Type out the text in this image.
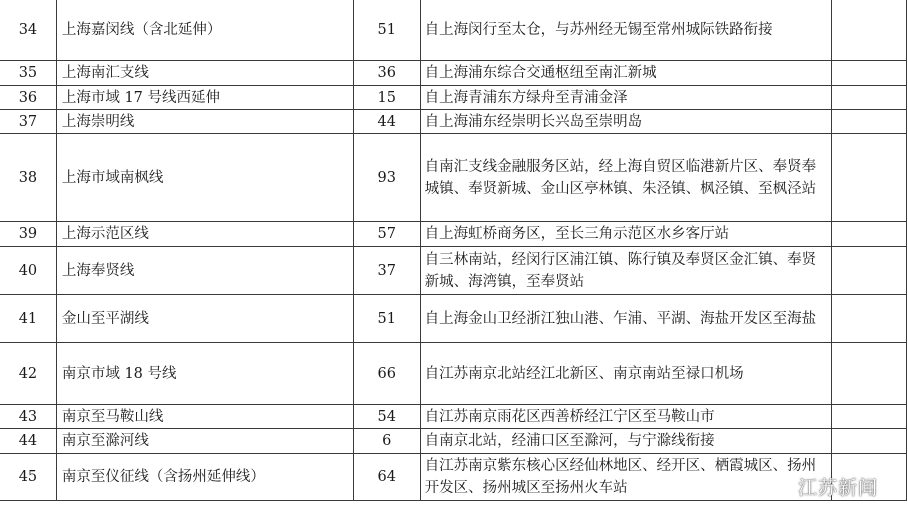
34	上海嘉闵线（含北延伸）	51	自上海闵行至太仓，与苏州经无锡至常州城际铁路衔接	
35	上海南汇支线	36	自上海浦东综合交通枢纽至南汇新城	
36	上海市域 17 号线西延伸	15	自上海青浦东方绿舟至青浦金泽	
37	上海崇明线	44	自上海浦东经崇明长兴岛至崇明岛	
38	上海市域南枫线	93	自南汇支线金融服务区站，经上海自贸区临港新片区、奉贤奉城镇、奉贤新城、金山区亭林镇、朱泾镇、枫泾镇、至枫泾站	
39	上海示范区线	57	自上海虹桥商务区，至长三角示范区水乡客厅站	
40	上海奉贤线	37	自三林南站，经闵行区浦江镇、陈行镇及奉贤区金汇镇、奉贤新城、海湾镇，至奉贤站	
41	金山至平湖线	51	自上海金山卫经浙江独山港、乍浦、平湖、海盐开发区至海盐	
42	南京市域 18 号线	66	自江苏南京北站经江北新区、南京南站至禄口机场	
43	南京至马鞍山线	54	自江苏南京雨花区西善桥经江宁区至马鞍山市	
44	南京至滁河线	6	自南京北站，经浦口区至滁河，与宁滁线衔接	
45	南京至仪征线（含扬州延伸线）	64	自江苏南京紫东核心区经仙林地区、经开区、栖霞城区、扬州开发区、扬州城区至扬州火车站		江苏新闻
